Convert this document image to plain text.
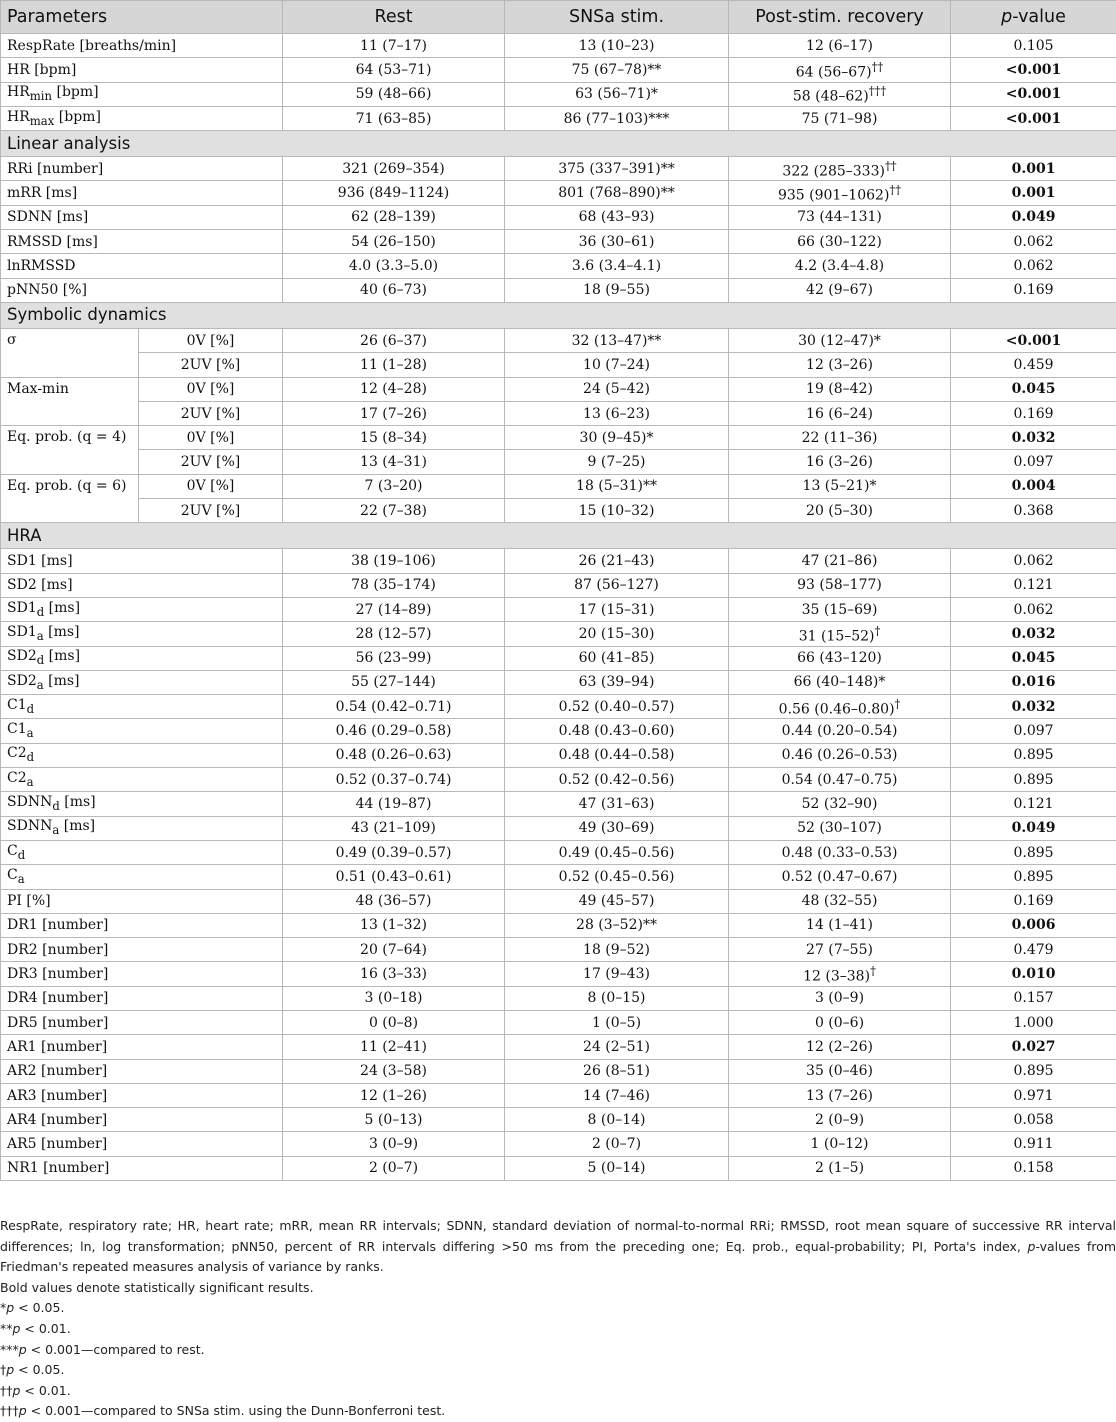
Parameters		Rest	SNSa stim.	Post-stim. recovery	p-value
RespRate [breaths/min]		11 (7–17)	13 (10–23)	12 (6–17)	0.105
HR [bpm]		64 (53–71)	75 (67–78)**	64 (56–67)††	<0.001
$HR_{min}$ [bpm]		59 (48–66)	63 (56–71)*	58 (48–62)†††	<0.001
$HR_{max}$ [bpm]		71 (63–85)	86 (77–103)***	75 (71–98)	<0.001
Linear analysis					
RRi [number]		321 (269–354)	375 (337–391)**	322 (285–333)††	0.001
mRR [ms]		936 (849–1124)	801 (768–890)**	935 (901–1062)††	0.001
SDNN [ms]		62 (28–139)	68 (43–93)	73 (44–131)	0.049
RMSSD [ms]		54 (26–150)	36 (30–61)	66 (30–122)	0.062
lnRMSSD		4.0 (3.3–5.0)	3.6 (3.4–4.1)	4.2 (3.4–4.8)	0.062
pNN50 [%]		40 (6–73)	18 (9–55)	42 (9–67)	0.169
Symbolic dynamics					
σ	0V [%]	26 (6–37)	32 (13–47)**	30 (12–47)*	<0.001
	2UV [%]	11 (1–28)	10 (7–24)	12 (3–26)	0.459
Max-min	0V [%]	12 (4–28)	24 (5–42)	19 (8–42)	0.045
	2UV [%]	17 (7–26)	13 (6–23)	16 (6–24)	0.169
Eq. prob. (q = 4)	0V [%]	15 (8–34)	30 (9–45)*	22 (11–36)	0.032
	2UV [%]	13 (4–31)	9 (7–25)	16 (3–26)	0.097
Eq. prob. (q = 6)	0V [%]	7 (3–20)	18 (5–31)**	13 (5–21)*	0.004
	2UV [%]	22 (7–38)	15 (10–32)	20 (5–30)	0.368
HRA					
SD1 [ms]		38 (19–106)	26 (21–43)	47 (21–86)	0.062
SD2 [ms]		78 (35–174)	87 (56–127)	93 (58–177)	0.121
$SD1_d$ [ms]		27 (14–89)	17 (15–31)	35 (15–69)	0.062
$SD1_a$ [ms]		28 (12–57)	20 (15–30)	31 (15–52)†	0.032
$SD2_d$ [ms]		56 (23–99)	60 (41–85)	66 (43–120)	0.045
$SD2_a$ [ms]		55 (27–144)	63 (39–94)	66 (40–148)*	0.016
$C1_d$		0.54 (0.42–0.71)	0.52 (0.40–0.57)	0.56 (0.46–0.80)†	0.032
$C1_a$		0.46 (0.29–0.58)	0.48 (0.43–0.60)	0.44 (0.20–0.54)	0.097
$C2_d$		0.48 (0.26–0.63)	0.48 (0.44–0.58)	0.46 (0.26–0.53)	0.895
$C2_a$		0.52 (0.37–0.74)	0.52 (0.42–0.56)	0.54 (0.47–0.75)	0.895
$SDNN_d$ [ms]		44 (19–87)	47 (31–63)	52 (32–90)	0.121
$SDNN_a$ [ms]		43 (21–109)	49 (30–69)	52 (30–107)	0.049
$C_d$		0.49 (0.39–0.57)	0.49 (0.45–0.56)	0.48 (0.33–0.53)	0.895
$C_a$		0.51 (0.43–0.61)	0.52 (0.45–0.56)	0.52 (0.47–0.67)	0.895
PI [%]		48 (36–57)	49 (45–57)	48 (32–55)	0.169
DR1 [number]		13 (1–32)	28 (3–52)**	14 (1–41)	0.006
DR2 [number]		20 (7–64)	18 (9–52)	27 (7–55)	0.479
DR3 [number]		16 (3–33)	17 (9–43)	12 (3–38)†	0.010
DR4 [number]		3 (0–18)	8 (0–15)	3 (0–9)	0.157
DR5 [number]		0 (0–8)	1 (0–5)	0 (0–6)	1.000
AR1 [number]		11 (2–41)	24 (2–51)	12 (2–26)	0.027
AR2 [number]		24 (3–58)	26 (8–51)	35 (0–46)	0.895
AR3 [number]		12 (1–26)	14 (7–46)	13 (7–26)	0.971
AR4 [number]		5 (0–13)	8 (0–14)	2 (0–9)	0.058
AR5 [number]		3 (0–9)	2 (0–7)	1 (0–12)	0.911
NR1 [number]		2 (0–7)	5 (0–14)	2 (1–5)	0.158
RespRate, respiratory rate; HR, heart rate; mRR, mean RR intervals; SDNN, standard deviation of normal-to-normal RRi; RMSSD, root mean square of successive RR interval differences; ln, log transformation; pNN50, percent of RR intervals differing >50 ms from the preceding one; Eq. prob., equal-probability; PI, Porta's index, p-values from Friedman's repeated measures analysis of variance by ranks.
Bold values denote statistically significant results.
*p < 0.05.
**p < 0.01.
***p < 0.001—compared to rest.
†p < 0.05.
††p < 0.01.
†††p < 0.001—compared to SNSa stim. using the Dunn-Bonferroni test.
